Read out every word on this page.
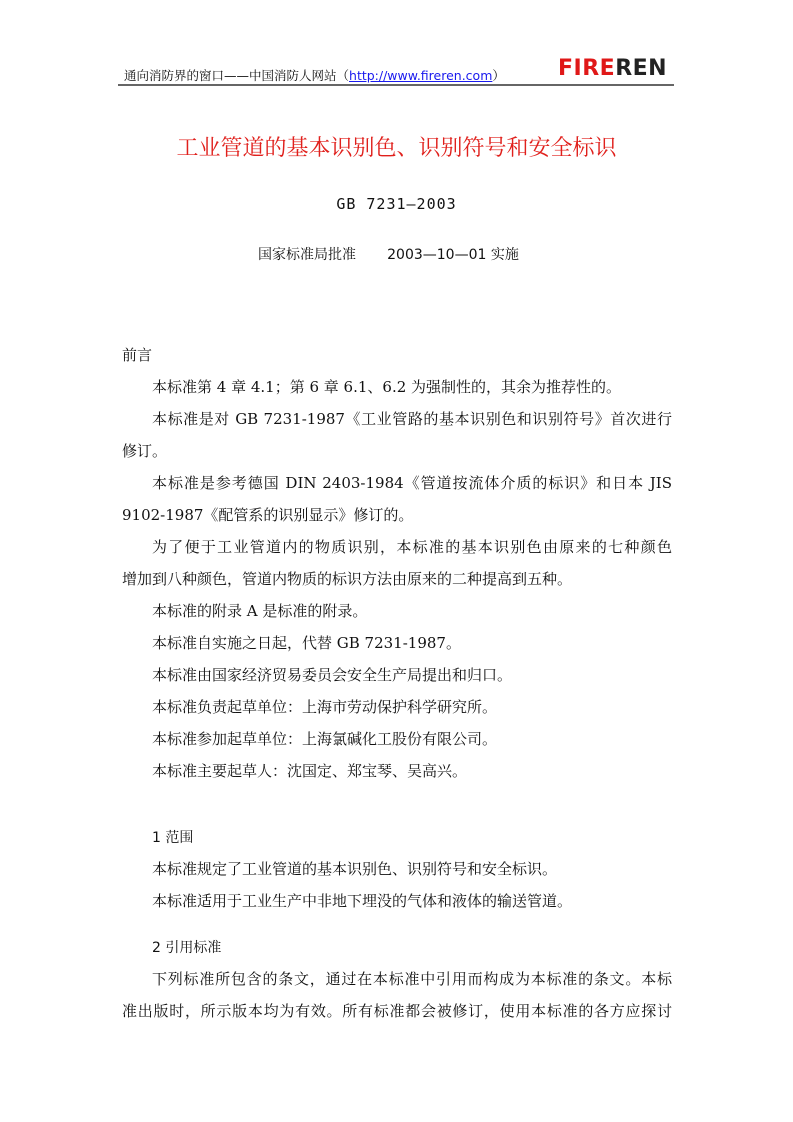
通向消防界的窗口——中国消防人网站（http://www.fireren.com） FIREREN
工业管道的基本识别色、识别符号和安全标识
GB 7231—2003
国家标准局批准       2003—10—01 实施
前言
本标准第 4 章 4.1；第 6 章 6.1、6.2 为强制性的，其余为推荐性的。
本标准是对 GB 7231-1987《工业管路的基本识别色和识别符号》首次进行
修订。
本标准是参考德国 DIN 2403-1984《管道按流体介质的标识》和日本 JIS
9102-1987《配管系的识别显示》修订的。
为了便于工业管道内的物质识别，本标准的基本识别色由原来的七种颜色
增加到八种颜色，管道内物质的标识方法由原来的二种提高到五种。
本标准的附录 A 是标准的附录。
本标准自实施之日起，代替 GB 7231-1987。
本标准由国家经济贸易委员会安全生产局提出和归口。
本标准负责起草单位：上海市劳动保护科学研究所。
本标准参加起草单位：上海氯碱化工股份有限公司。
本标准主要起草人：沈国定、郑宝琴、吴高兴。
1 范围
本标准规定了工业管道的基本识别色、识别符号和安全标识。
本标准适用于工业生产中非地下埋没的气体和液体的输送管道。
2 引用标准
下列标准所包含的条文，通过在本标准中引用而构成为本标准的条文。本标
准出版时，所示版本均为有效。所有标准都会被修订，使用本标准的各方应探讨
